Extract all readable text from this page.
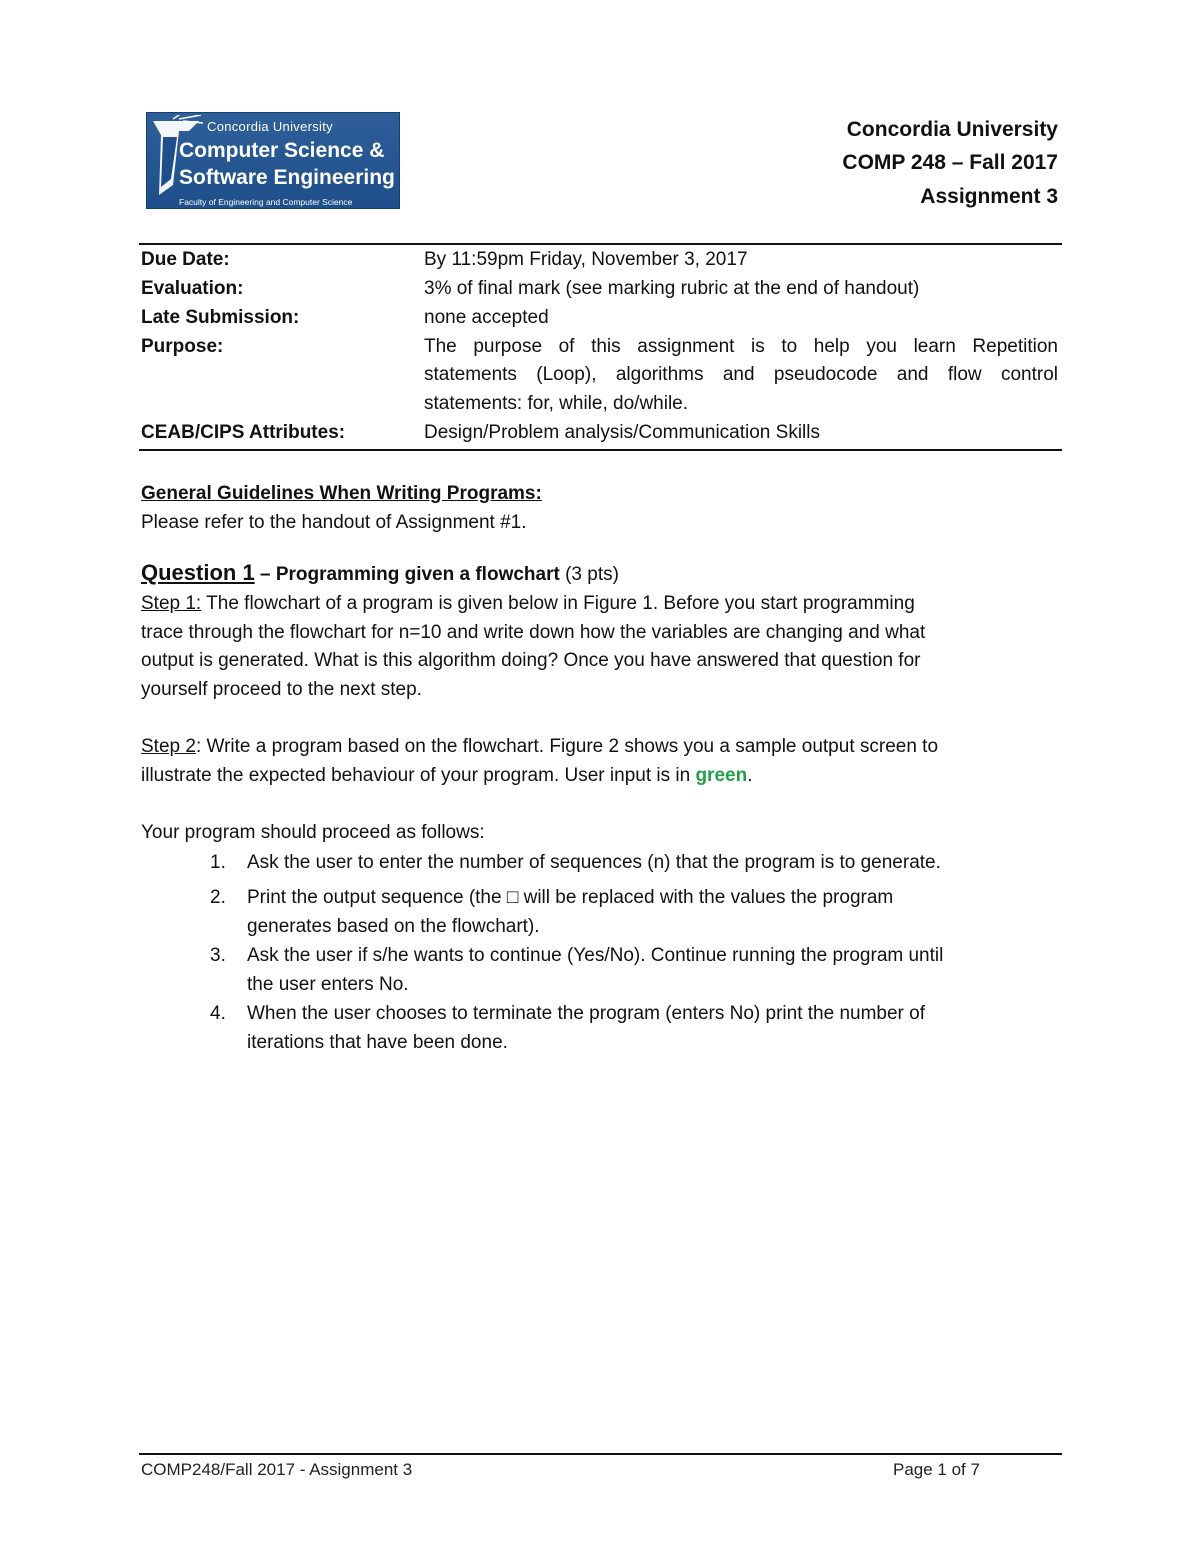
Concordia University
Computer Science &
Software Engineering
Faculty of Engineering and Computer Science
Concordia University
COMP 248 – Fall 2017
Assignment 3
Due Date:	By 11:59pm Friday, November 3, 2017
Evaluation:	3% of final mark (see marking rubric at the end of handout)
Late Submission:	none accepted
Purpose:	The purpose of this assignment is to help you learn Repetition
statements (Loop), algorithms and pseudocode and flow control
statements: for, while, do/while.
CEAB/CIPS Attributes:	Design/Problem analysis/Communication Skills
General Guidelines When Writing Programs:
Please refer to the handout of Assignment #1.
Question 1 – Programming given a flowchart (3 pts)
Step 1: The flowchart of a program is given below in Figure 1. Before you start programming
trace through the flowchart for n=10 and write down how the variables are changing and what
output is generated. What is this algorithm doing? Once you have answered that question for
yourself proceed to the next step.
Step 2: Write a program based on the flowchart. Figure 2 shows you a sample output screen to
illustrate the expected behaviour of your program. User input is in green.
Your program should proceed as follows:
1. Ask the user to enter the number of sequences (n) that the program is to generate.
2. Print the output sequence (the □ will be replaced with the values the program
generates based on the flowchart).
3. Ask the user if s/he wants to continue (Yes/No). Continue running the program until
the user enters No.
4. When the user chooses to terminate the program (enters No) print the number of
iterations that have been done.
COMP248/Fall 2017 - Assignment 3	Page 1 of 7
